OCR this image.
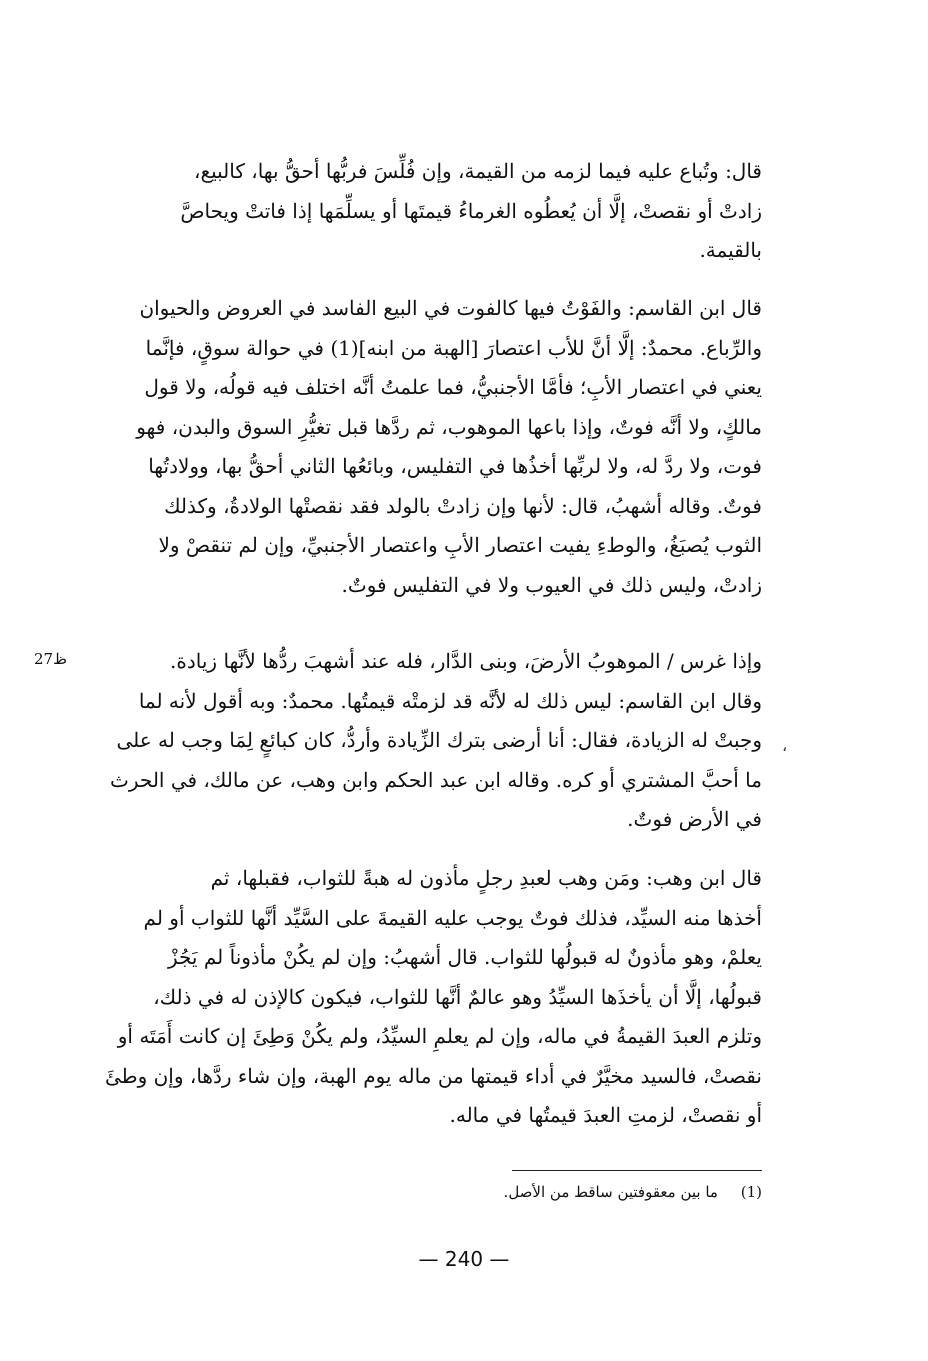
قال: وتُباع عليه فيما لزمه من القيمة، وإن فُلِّسَ فربُّها أحقُّ بها، كالبيع،
زادتْ أو نقصتْ، إلَّا أن يُعطُوه الغرماءُ قيمتَها أو يسلِّمَها إذا فاتتْ ويحاصَّ
بالقيمة.
قال ابن القاسم: والفَوْتُ فيها كالفوت في البيع الفاسد في العروض والحيوان
والرِّباع. محمدٌ: إلَّا أنَّ للأب اعتصارَ [الهبة من ابنه](1) في حوالة سوقٍ، فإنَّما
يعني في اعتصار الأبِ؛ فأمَّا الأجنبيُّ، فما علمتُ أنَّه اختلف فيه قولُه، ولا قول
مالكٍ، ولا أنَّه فوتٌ، وإذا باعها الموهوب، ثم ردَّها قبل تغيُّرِ السوق والبدن، فهو
فوت، ولا ردَّ له، ولا لربِّها أخذُها في التفليس، وبائعُها الثاني أحقُّ بها، وولادتُها
فوتٌ. وقاله أشهبُ، قال: لأنها وإن زادتْ بالولد فقد نقصتْها الولادةُ، وكذلك
الثوب يُصبَغُ، والوطءِ يفيت اعتصار الأبِ واعتصار الأجنبيِّ، وإن لم تنقصْ ولا
زادتْ، وليس ذلك في العيوب ولا في التفليس فوتٌ.
ظ27	وإذا غرس / الموهوبُ الأرضَ، وبنى الدَّار، فله عند أشهبَ ردُّها لأنَّها زيادة.
وقال ابن القاسم: ليس ذلك له لأنَّه قد لزمتْه قيمتُها. محمدٌ: وبه أقول لأنه لما
وجبتْ له الزيادة، فقال: أنا أرضى بترك الزِّيادة وأردُّ، كان كبائعٍ لِمَا وجب له على
ما أحبَّ المشتري أو كره. وقاله ابن عبد الحكم وابن وهب، عن مالك، في الحرث
في الأرض فوتٌ.
،
قال ابن وهب: ومَن وهب لعبدِ رجلٍ مأذون له هبةً للثواب، فقبلها، ثم
أخذها منه السيِّد، فذلك فوتٌ يوجب عليه القيمةَ على السَّيِّد أنَّها للثواب أو لم
يعلمْ، وهو مأذونٌ له قبولُها للثواب. قال أشهبُ: وإن لم يكُنْ مأذوناً لم يَجُزْ
قبولُها، إلَّا أن يأخذَها السيِّدُ وهو عالمٌ أنَّها للثواب، فيكون كالإذن له في ذلك،
وتلزم العبدَ القيمةُ في ماله، وإن لم يعلمِ السيِّدُ، ولم يكُنْ وَطِئَ إن كانت أَمَتَه أو
نقصتْ، فالسيد مخيَّرٌ في أداء قيمتها من ماله يوم الهبة، وإن شاء ردَّها، وإن وطئَ
أو نقصتْ، لزمتِ العبدَ قيمتُها في ماله.
(1) ما بين معقوفتين ساقط من الأصل.
— 240 —
